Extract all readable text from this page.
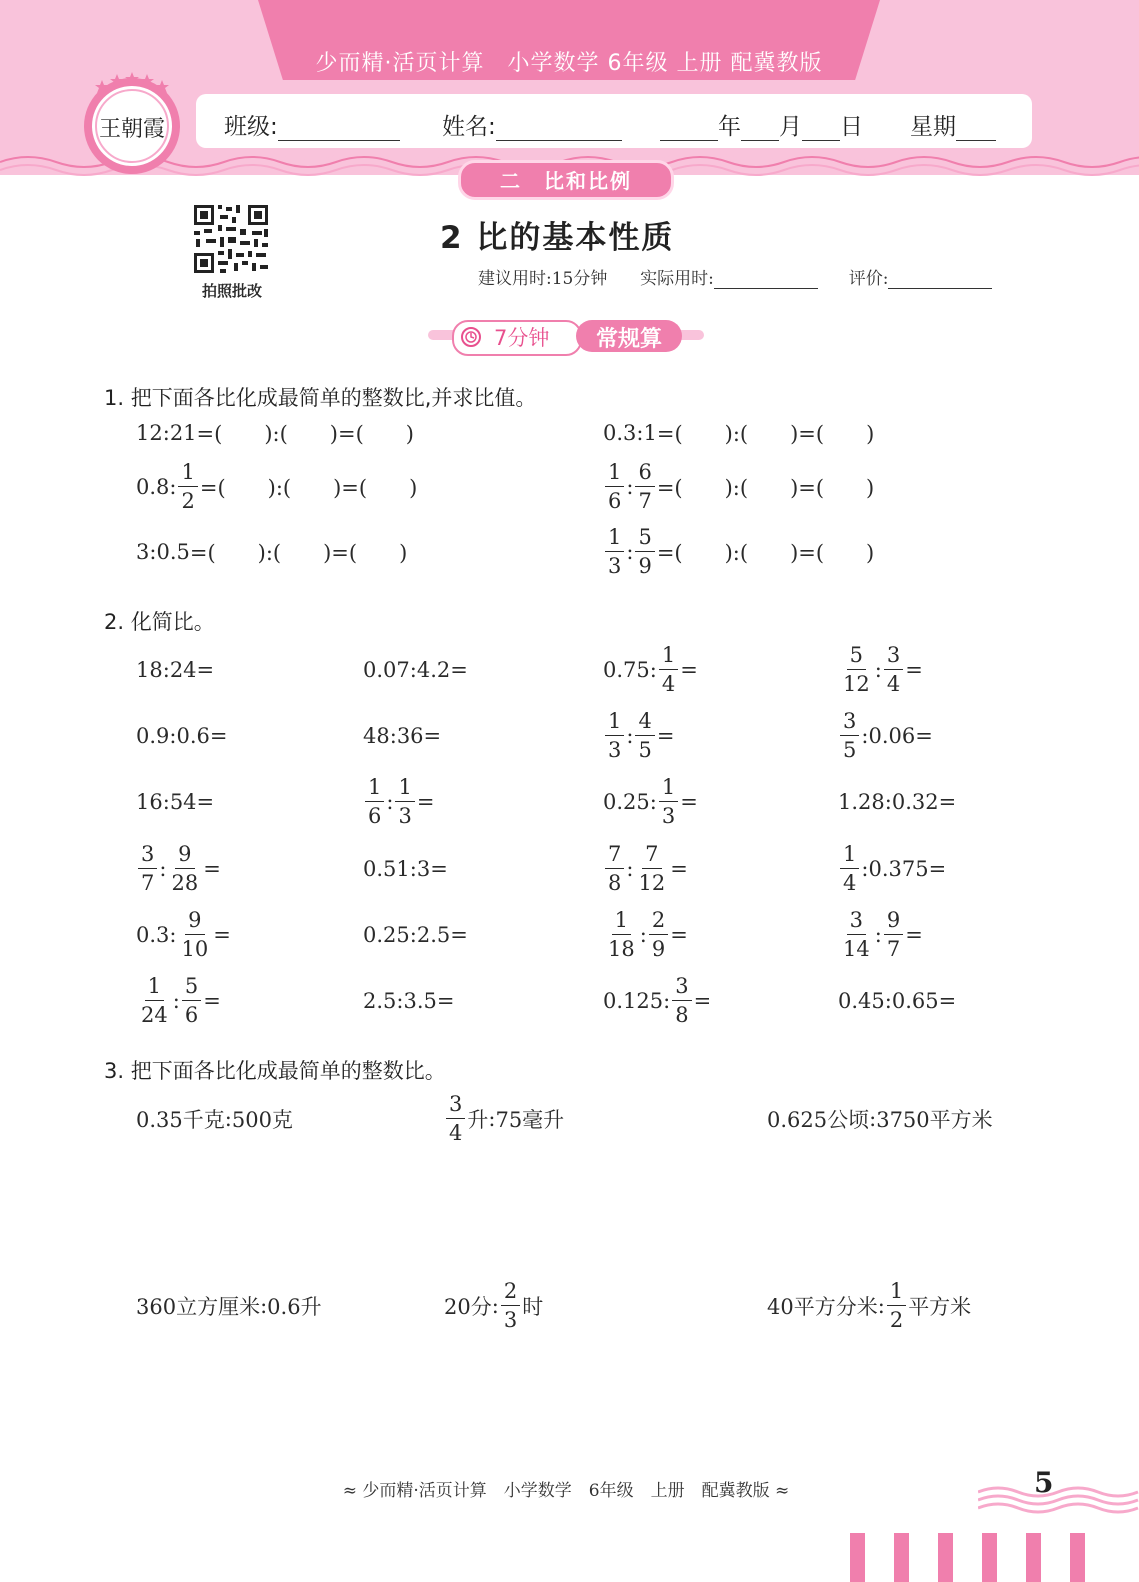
少而精·活页计算　小学数学 6年级 上册 配冀教版
王朝霞	班级:	姓名:	年 月 日 星期
二　比和比例
拍照批改
2 比的基本性质
建议用时:15分钟 实际用时:	评价:
7分钟	常规算
1. 把下面各比化成最简单的整数比,并求比值。
12 : 21 =(　　):(　　)=(　　)	0.3 : 1 =(　　):(　　)=(　　)
0.8 : $\frac{1}{2}$ =(　　):(　　)=(　　)	$\frac{1}{6}$ : $\frac{6}{7}$ =(　　):(　　)=(　　)
3 : 0.5 =(　　):(　　)=(　　)	$\frac{1}{3}$ : $\frac{5}{9}$ =(　　):(　　)=(　　)
2. 化简比。
18 : 24 =	0.07 : 4.2 =	0.75 : $\frac{1}{4}$ =	$\frac{5}{12}$ : $\frac{3}{4}$ =
0.9 : 0.6 =	48 : 36 =	$\frac{1}{3}$ : $\frac{4}{5}$ =	$\frac{3}{5}$ : 0.06 =
16 : 54 =	$\frac{1}{6}$ : $\frac{1}{3}$ =	0.25 : $\frac{1}{3}$ =	1.28 : 0.32 =
$\frac{3}{7}$ : $\frac{9}{28}$ =	0.51 : 3 =	$\frac{7}{8}$ : $\frac{7}{12}$ =	$\frac{1}{4}$ : 0.375 =
0.3 : $\frac{9}{10}$ =	0.25 : 2.5 =	$\frac{1}{18}$ : $\frac{2}{9}$ =	$\frac{3}{14}$ : $\frac{9}{7}$ =
$\frac{1}{24}$ : $\frac{5}{6}$ =	2.5 : 3.5 =	0.125 : $\frac{3}{8}$ =	0.45 : 0.65 =
3. 把下面各比化成最简单的整数比。
0.35千克 : 500克	$\frac{3}{4}$ 升 : 75毫升	0.625公顷 : 3750平方米
360立方厘米 : 0.6升	20分 : $\frac{2}{3}$ 时	40平方分米 : $\frac{1}{2}$ 平方米
≈ 少而精·活页计算　小学数学　6年级　上册　配冀教版 ≈	5
